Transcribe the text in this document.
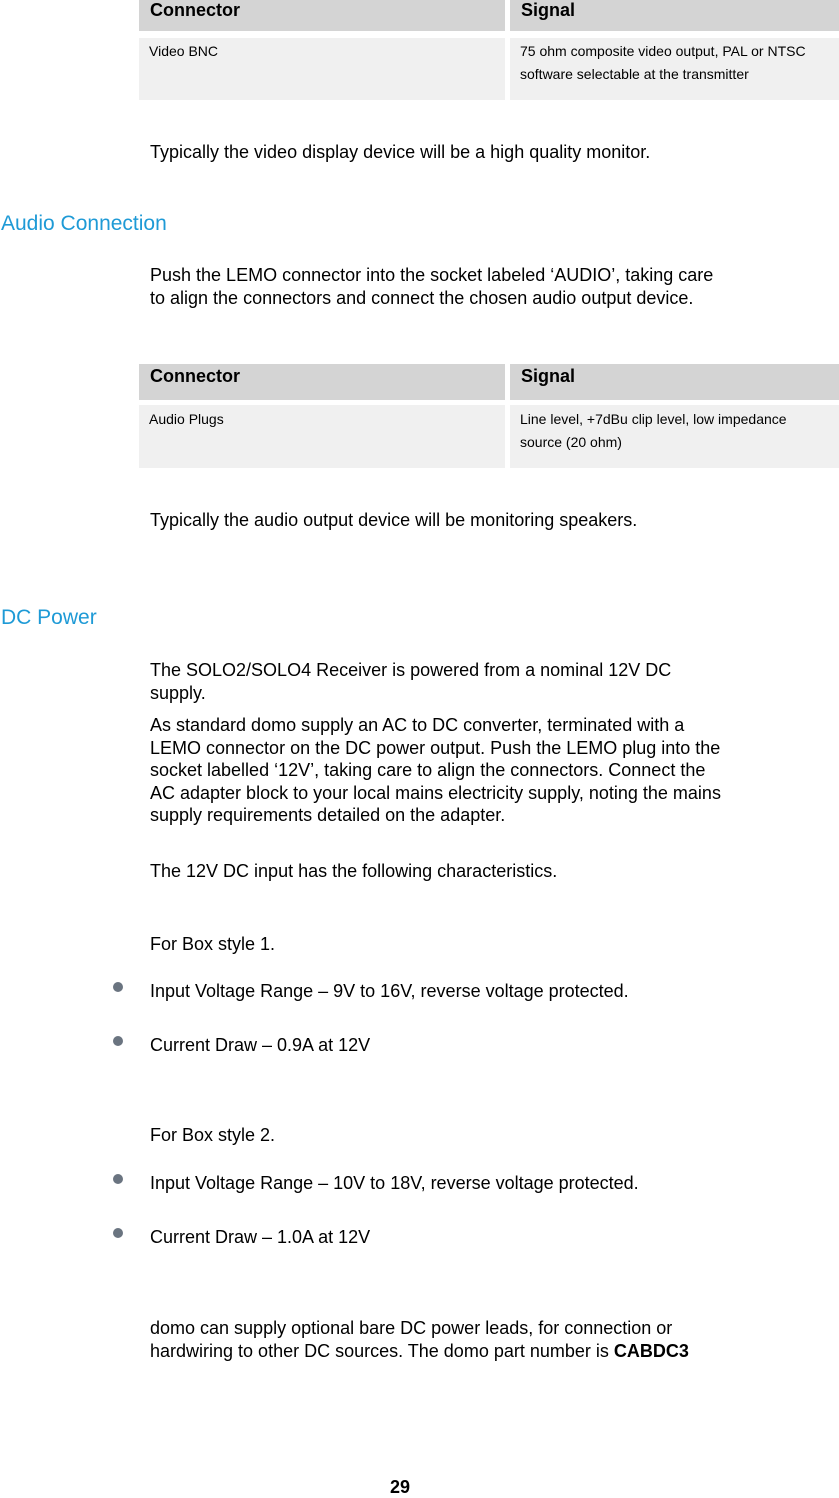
Connector	Signal
Video BNC	75 ohm composite video output, PAL or NTSC
software selectable at the transmitter

Typically the video display device will be a high quality monitor.

Audio Connection

Push the LEMO connector into the socket labeled ‘AUDIO’, taking care
to align the connectors and connect the chosen audio output device.

Connector	Signal
Audio Plugs	Line level, +7dBu clip level, low impedance
source (20 ohm)

Typically the audio output device will be monitoring speakers.

DC Power

The SOLO2/SOLO4 Receiver is powered from a nominal 12V DC
supply.

As standard domo supply an AC to DC converter, terminated with a
LEMO connector on the DC power output. Push the LEMO plug into the
socket labelled ‘12V’, taking care to align the connectors. Connect the
AC adapter block to your local mains electricity supply, noting the mains
supply requirements detailed on the adapter.

The 12V DC input has the following characteristics.

For Box style 1.

Input Voltage Range – 9V to 16V, reverse voltage protected.

Current Draw – 0.9A at 12V

For Box style 2.

Input Voltage Range – 10V to 18V, reverse voltage protected.

Current Draw – 1.0A at 12V

domo can supply optional bare DC power leads, for connection or
hardwiring to other DC sources. The domo part number is CABDC3

29
